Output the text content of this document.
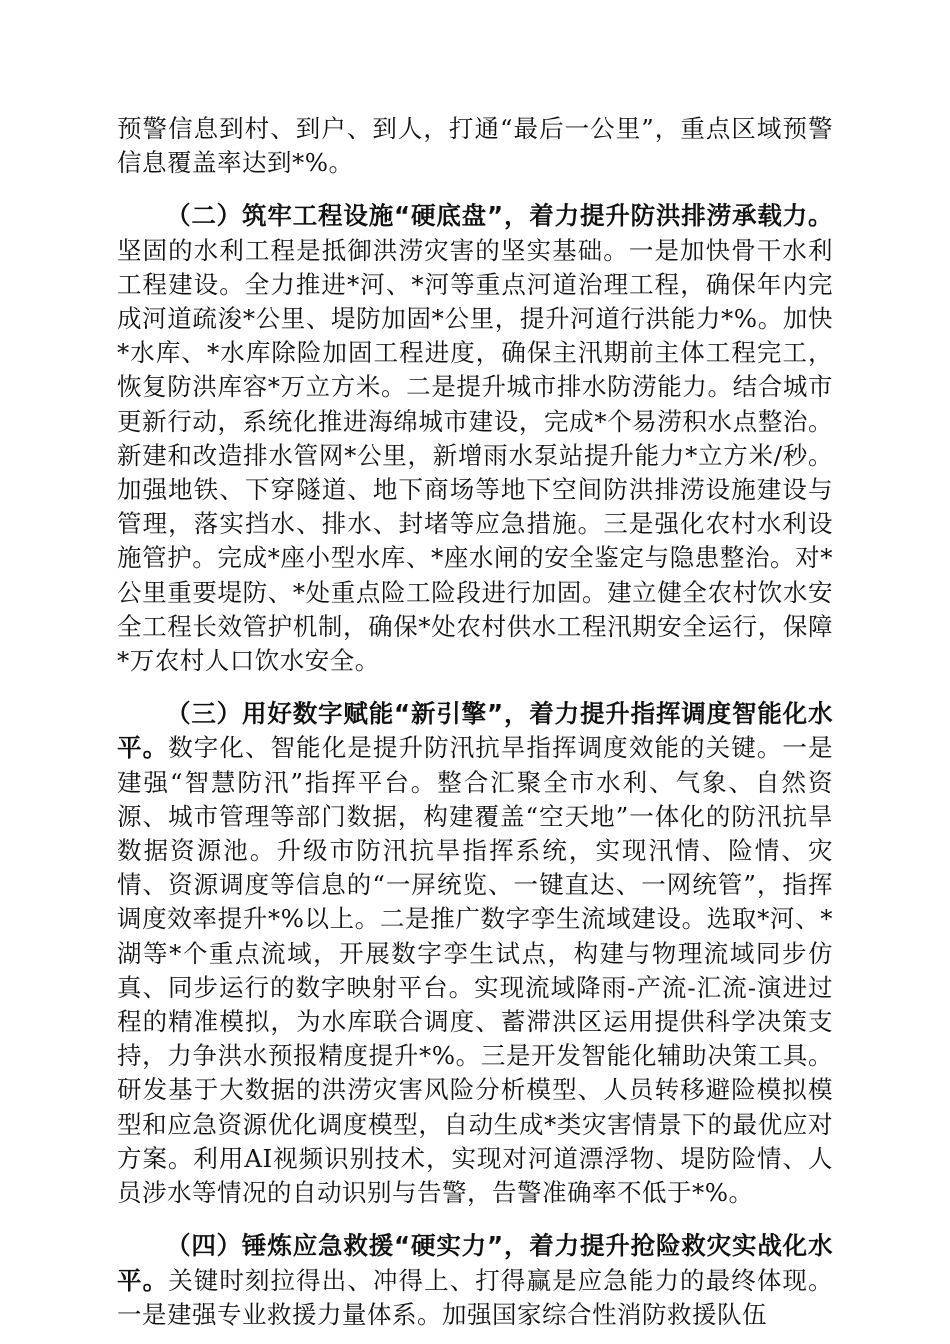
预警信息到村、到户、到人，打通“最后一公里”，重点区域预警信息覆盖率达到*%。

（二）筑牢工程设施“硬底盘”，着力提升防洪排涝承载力。坚固的水利工程是抵御洪涝灾害的坚实基础。一是加快骨干水利工程建设。全力推进*河、*河等重点河道治理工程，确保年内完成河道疏浚*公里、堤防加固*公里，提升河道行洪能力*%。加快*水库、*水库除险加固工程进度，确保主汛期前主体工程完工，恢复防洪库容*万立方米。二是提升城市排水防涝能力。结合城市更新行动，系统化推进海绵城市建设，完成*个易涝积水点整治。新建和改造排水管网*公里，新增雨水泵站提升能力*立方米/秒。加强地铁、下穿隧道、地下商场等地下空间防洪排涝设施建设与管理，落实挡水、排水、封堵等应急措施。三是强化农村水利设施管护。完成*座小型水库、*座水闸的安全鉴定与隐患整治。对*公里重要堤防、*处重点险工险段进行加固。建立健全农村饮水安全工程长效管护机制，确保*处农村供水工程汛期安全运行，保障*万农村人口饮水安全。

（三）用好数字赋能“新引擎”，着力提升指挥调度智能化水平。数字化、智能化是提升防汛抗旱指挥调度效能的关键。一是建强“智慧防汛”指挥平台。整合汇聚全市水利、气象、自然资源、城市管理等部门数据，构建覆盖“空天地”一体化的防汛抗旱数据资源池。升级市防汛抗旱指挥系统，实现汛情、险情、灾情、资源调度等信息的“一屏统览、一键直达、一网统管”，指挥调度效率提升*%以上。二是推广数字孪生流域建设。选取*河、*湖等*个重点流域，开展数字孪生试点，构建与物理流域同步仿真、同步运行的数字映射平台。实现流域降雨-产流-汇流-演进过程的精准模拟，为水库联合调度、蓄滞洪区运用提供科学决策支持，力争洪水预报精度提升*%。三是开发智能化辅助决策工具。研发基于大数据的洪涝灾害风险分析模型、人员转移避险模拟模型和应急资源优化调度模型，自动生成*类灾害情景下的最优应对方案。利用AI视频识别技术，实现对河道漂浮物、堤防险情、人员涉水等情况的自动识别与告警，告警准确率不低于*%。

（四）锤炼应急救援“硬实力”，着力提升抢险救灾实战化水平。关键时刻拉得出、冲得上、打得赢是应急能力的最终体现。一是建强专业救援力量体系。加强国家综合性消防救援队伍
